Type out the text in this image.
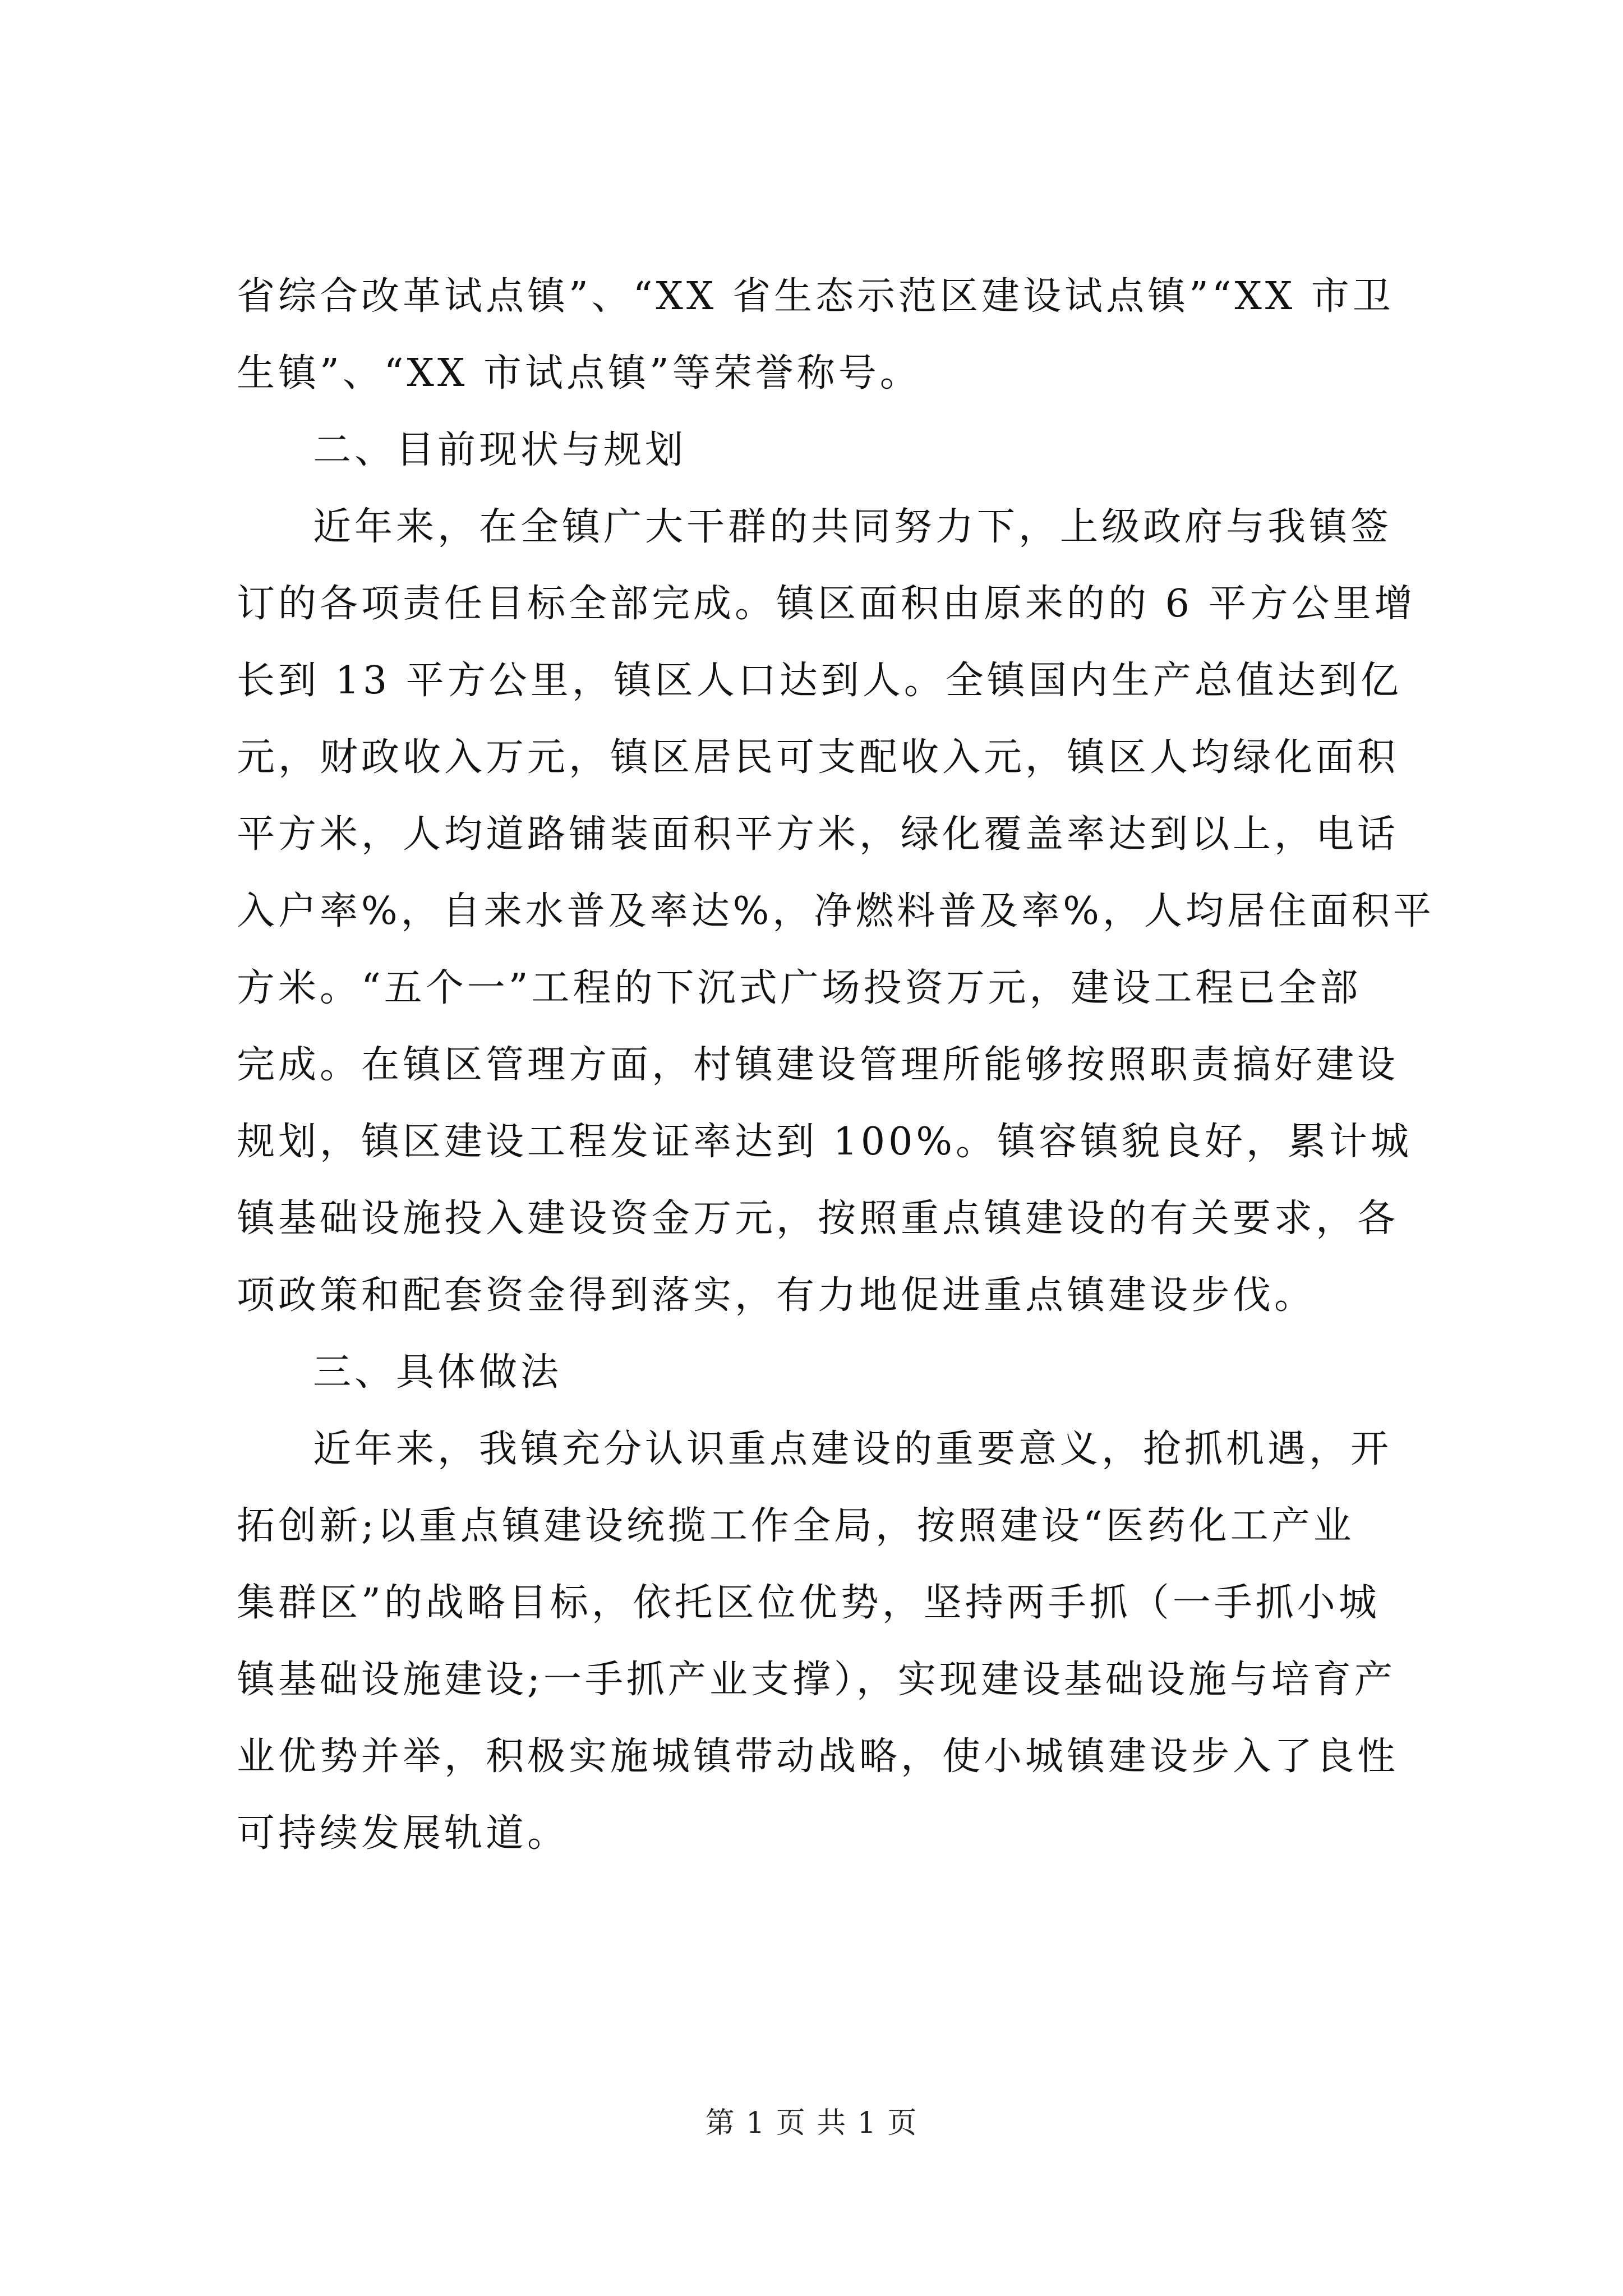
省综合改革试点镇”、“XX 省生态示范区建设试点镇”“XX 市卫
生镇”、“XX 市试点镇”等荣誉称号。
二、目前现状与规划
近年来，在全镇广大干群的共同努力下，上级政府与我镇签
订的各项责任目标全部完成。镇区面积由原来的的 6 平方公里增
长到 13 平方公里，镇区人口达到人。全镇国内生产总值达到亿
元，财政收入万元，镇区居民可支配收入元，镇区人均绿化面积
平方米，人均道路铺装面积平方米，绿化覆盖率达到以上，电话
入户率%，自来水普及率达%，净燃料普及率%，人均居住面积平
方米。“五个一”工程的下沉式广场投资万元，建设工程已全部
完成。在镇区管理方面，村镇建设管理所能够按照职责搞好建设
规划，镇区建设工程发证率达到 100%。镇容镇貌良好，累计城
镇基础设施投入建设资金万元，按照重点镇建设的有关要求，各
项政策和配套资金得到落实，有力地促进重点镇建设步伐。
三、具体做法
近年来，我镇充分认识重点建设的重要意义，抢抓机遇，开
拓创新;以重点镇建设统揽工作全局，按照建设“医药化工产业
集群区”的战略目标，依托区位优势，坚持两手抓（一手抓小城
镇基础设施建设;一手抓产业支撑），实现建设基础设施与培育产
业优势并举，积极实施城镇带动战略，使小城镇建设步入了良性
可持续发展轨道。
第 1 页 共 1 页
